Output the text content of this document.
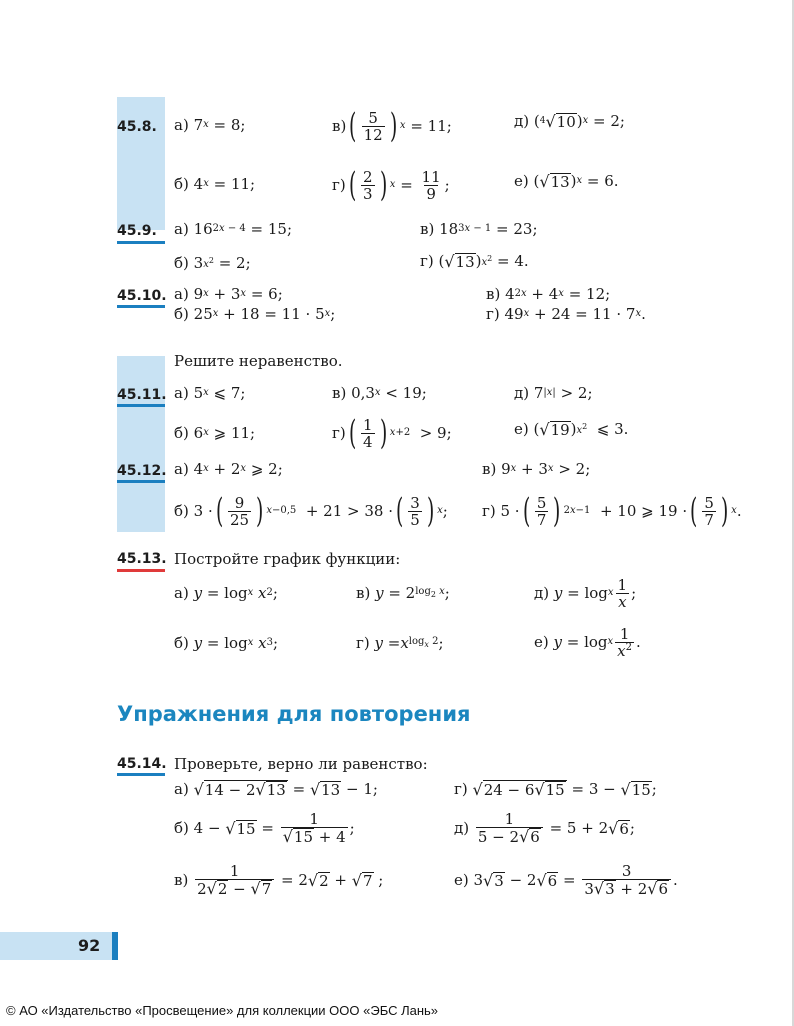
45.8. а) 7 x = 8;	в) ( $\frac{5}{12}$ ) x = 11;	д) ( 4 √ 10 ) x = 2;
б) 4 x = 11;	г) ( $\frac{2}{3}$ ) $x = \frac{11}{9}$ ;	е) ( √ 13 ) x = 6.
45.9. а) 16 2x − 4 = 15;	в) 18 3x − 1 = 23;
б) 3 $x^2 = 2$;	г) ( √ 13 ) $x^2 = 4$.
45.10. а) 9 x + 3 x = 6;	в) 4 2x + 4 x = 12;
б) 25 x + 18 = 11 · 5 x ;	г) 49 x + 24 = 11 · 7 x .
Решите неравенство.
45.11. а) 5 x ⩽ 7;	в) 0,3 x < 19;	д) 7 |x| > 2;
б) 6 x ⩾ 11;	г) ( $\frac{1}{4}$ ) x+2 > 9;	е) ( √ 19 ) $x^2$ ⩽ 3.
45.12. а) 4 x + 2 x ⩾ 2;	в) 9 x + 3 x > 2;
б) 3 · ( $\frac{9}{25}$ ) x−0,5 + 21 > 38 · ( $\frac{3}{5}$ ) x ; г) 5 · ( $\frac{5}{7}$ ) 2x−1 + 10 ⩾ 19 · ( $\frac{5}{7}$ ) x .
45.13. Постройте график функции:
а) y = log x
x 2 ;	в) y = 2 $\log_2 x$ ;	д) y = log x $\frac{1}{x}$ ;
б) y = log x
x 3 ;	г) y = x $\log_x 2$ ;	е) y = log x $\frac{1}{x^2}$ .
Упражнения для повторения
45.14. Проверьте, верно ли равенство:
а) √ 14 − 2 √ 13 = √ 13 − 1;	г) √ 24 − 6 √ 15 = 3 − √ 15 ;
б) 4 − √ $15 = \frac{1}{√ 15 + 4}$ ;	$д) \frac{1}{5 - 2 √ 6} = 5 + 2$ √ 6 ;
$в) \frac{1}{2 √ 2 - √ 7} = 2$ √ 2 + √ 7 ;	е) 3 √ 3 − 2 √ $6 = \frac{3}{3 √ 3 + 2 √ 6}$ .
92
© АО «Издательство «Просвещение» для коллекции ООО «ЭБС Лань»
